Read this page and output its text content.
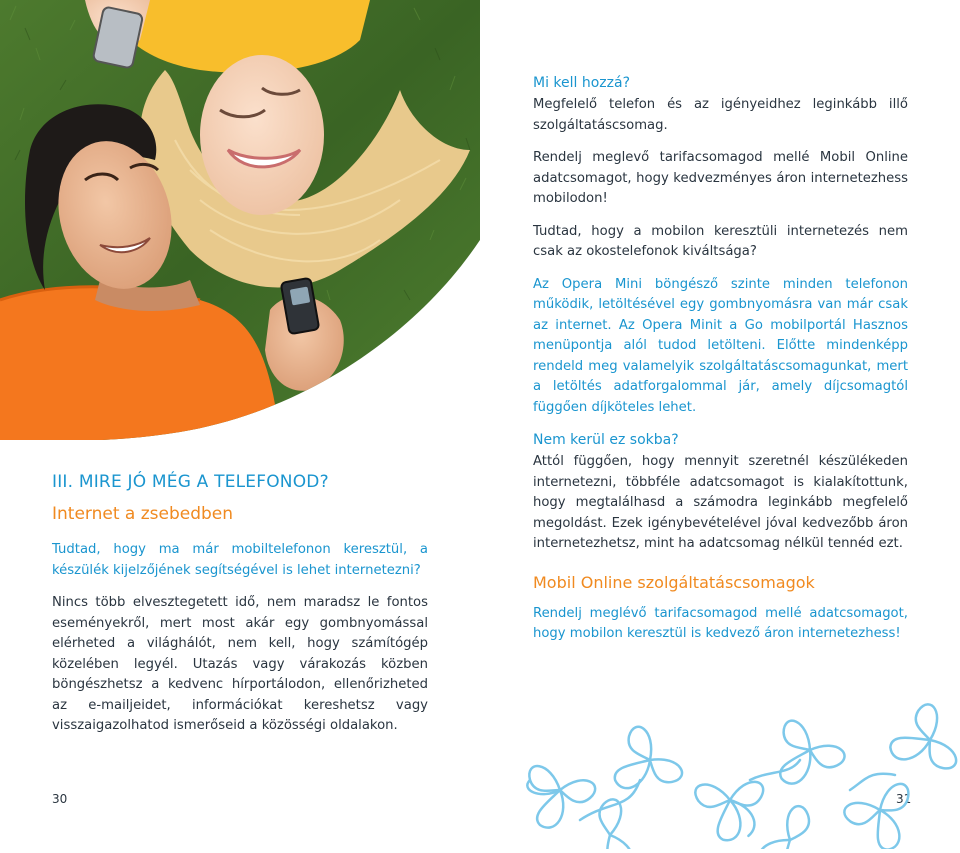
III. MIRE JÓ MÉG A TELEFONOD?
Internet a zsebedben

Tudtad, hogy ma már mobiltelefonon keresztül, a készülék kijelzőjének segítségével is lehet internetezni?

Nincs több elvesztegetett idő, nem maradsz le fontos eseményekről, mert most akár egy gombnyomással elérheted a világhálót, nem kell, hogy számítógép közelében legyél. Utazás vagy várakozás közben böngészhetsz a kedvenc hírportálodon, ellenőrizheted az e-mailjeidet, információkat kereshetsz vagy visszaigazolhatod ismerőseid a közösségi oldalakon.

Mi kell hozzá?

Megfelelő telefon és az igényeidhez leginkább illő szolgáltatáscsomag.

Rendelj meglevő tarifacsomagod mellé Mobil Online adatcsomagot, hogy kedvezményes áron internetezhess mobilodon!

Tudtad, hogy a mobilon keresztüli internetezés nem csak az okostelefonok kiváltsága?

Az Opera Mini böngésző szinte minden telefonon működik, letöltésével egy gombnyomásra van már csak az internet. Az Opera Minit a Go mobilportál Hasznos menüpontja alól tudod letölteni. Előtte mindenképp rendeld meg valamelyik szolgáltatáscsomagunkat, mert a letöltés adatforgalommal jár, amely díjcsomagtól függően díjköteles lehet.

Nem kerül ez sokba?

Attól függően, hogy mennyit szeretnél készülékeden internetezni, többféle adatcsomagot is kialakítottunk, hogy megtalálhasd a számodra leginkább megfelelő megoldást. Ezek igénybevételével jóval kedvezőbb áron internetezhetsz, mint ha adatcsomag nélkül tennéd ezt.

Mobil Online szolgáltatáscsomagok

Rendelj meglévő tarifacsomagod mellé adatcsomagot, hogy mobilon keresztül is kedvező áron internetezhess!

30	31
